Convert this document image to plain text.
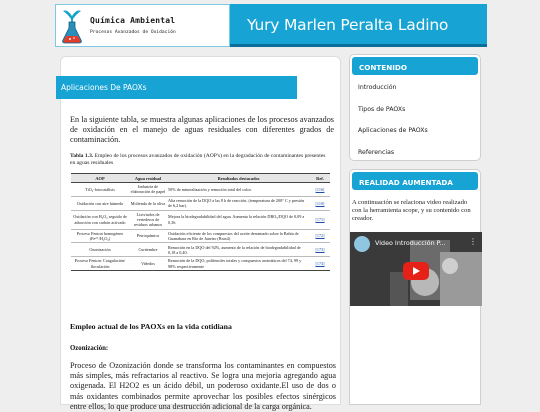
Química Ambiental
Procesos Avanzados de Oxidación	Yury Marlen Peralta Ladino
Aplicaciones De PAOXs

En la siguiente tabla, se muestra algunas aplicaciones de los procesos avanzados de oxidación en el manejo de aguas residuales con diferentes grados de contaminación.

Tabla 1.3. Empleo de los procesos avanzados de oxidación (AOP's) en la degradación de contaminantes presentes en aguas residuales
AOP	Agua residual	Resultados destacados	Ref.
TiO₂-fotocatálisis	Industria de elaboración de papel	50% de mineralización y remoción total del color.	[116]
Oxidación con aire húmedo	Molienda de la oliva	Alta remoción de la DQO a las 8 h de reacción, (temperatura de 200° C y presión de 6,2 bar).	[110]
Oxidación con H₂O₂ seguido de adsorción con carbón activado	Lixiviados de vertederos de residuos urbanos	Mejora la biodegradabilidad del agua. Aumenta la relación DBO₅/DQO de 0,09 a 0,36.	[171]
Proceso Fenton homogéneo (Fe²⁺/H₂O₂)	Petroquímica	Oxidación eficiente de los compuestos del aceite derramado sobre la Bahía de Guanabara en Río de Janeiro (Brasil)	[172]
Ozonización	Curtiembre	Remoción en la DQO del 92%, aumento de la relación de biodegradabilidad de 0,18 a 0,40.	[173]
Proceso Fenton: Coagulación/ floculación	Viñedos	Remoción de la DQO, polifenoles totales y compuestos aromáticos del 74, 99 y 98% respectivamente	[174]
Empleo actual de los PAOXs en la vida cotidiana
Ozonización:

Proceso de Ozonización donde se transforma los contaminantes en compuestos más simples, más refractarios al reactivo. Se logra una mejoria agregando agua oxigenada. El H2O2 es un ácido débil, un poderoso oxidante.El uso de dos o más oxidantes combinados permite aprovechar los posibles efectos sinérgicos entre ellos, lo que produce una destrucción adicional de la carga orgánica.

CONTENIDO
Introducción
Tipos de PAOXs
Aplicaciones de PAOXs
Referencias
REALIDAD AUMENTADA

A continuación se relaciona video realizado con la herramienta scope, y su contenido con creador.

Video Introducción P...	⋮
